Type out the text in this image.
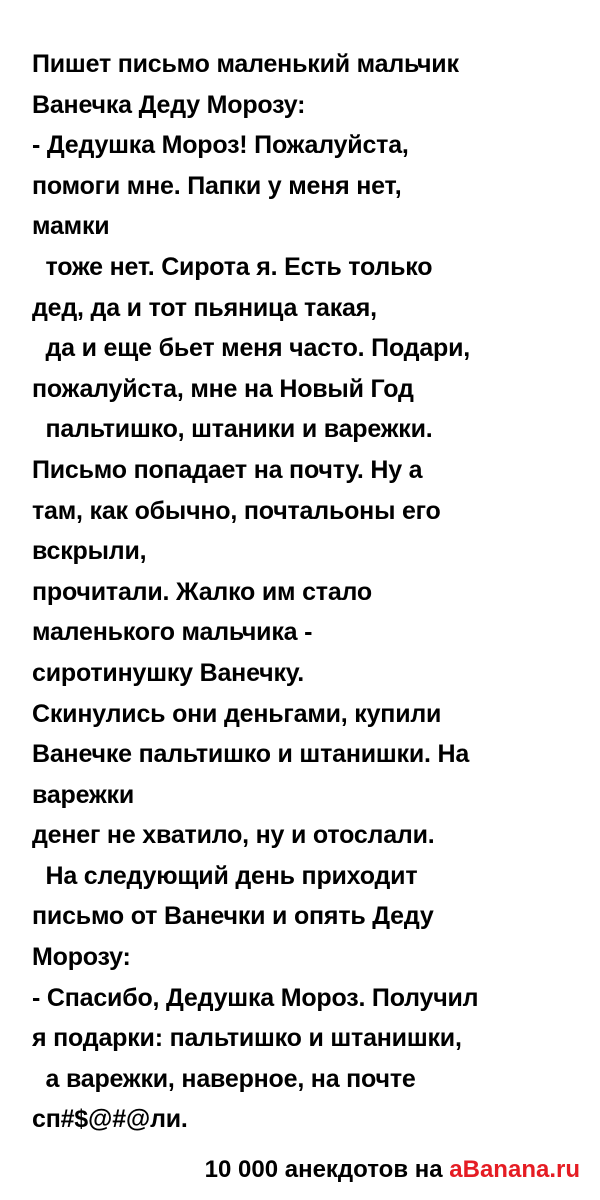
Пишет письмо маленький мальчик
Ванечка Деду Морозу:
- Дедушка Мороз! Пожалуйста,
помоги мне. Папки у меня нет,
мамки
тоже нет. Сирота я. Есть только
дед, да и тот пьяница такая,
да и еще бьет меня часто. Подари,
пожалуйста, мне на Новый Год
пальтишко, штаники и варежки.
Письмо попадает на почту. Ну а
там, как обычно, почтальоны его
вскрыли,
прочитали. Жалко им стало
маленького мальчика -
сиротинушку Ванечку.
Скинулись они деньгами, купили
Ванечке пальтишко и штанишки. На
варежки
денег не хватило, ну и отослали.
На следующий день приходит
письмо от Ванечки и опять Деду
Морозу:
- Спасибо, Дедушка Мороз. Получил
я подарки: пальтишко и штанишки,
а варежки, наверное, на почте
сп#$@#@ли.
10 000 анекдотов на aBanana.ru
